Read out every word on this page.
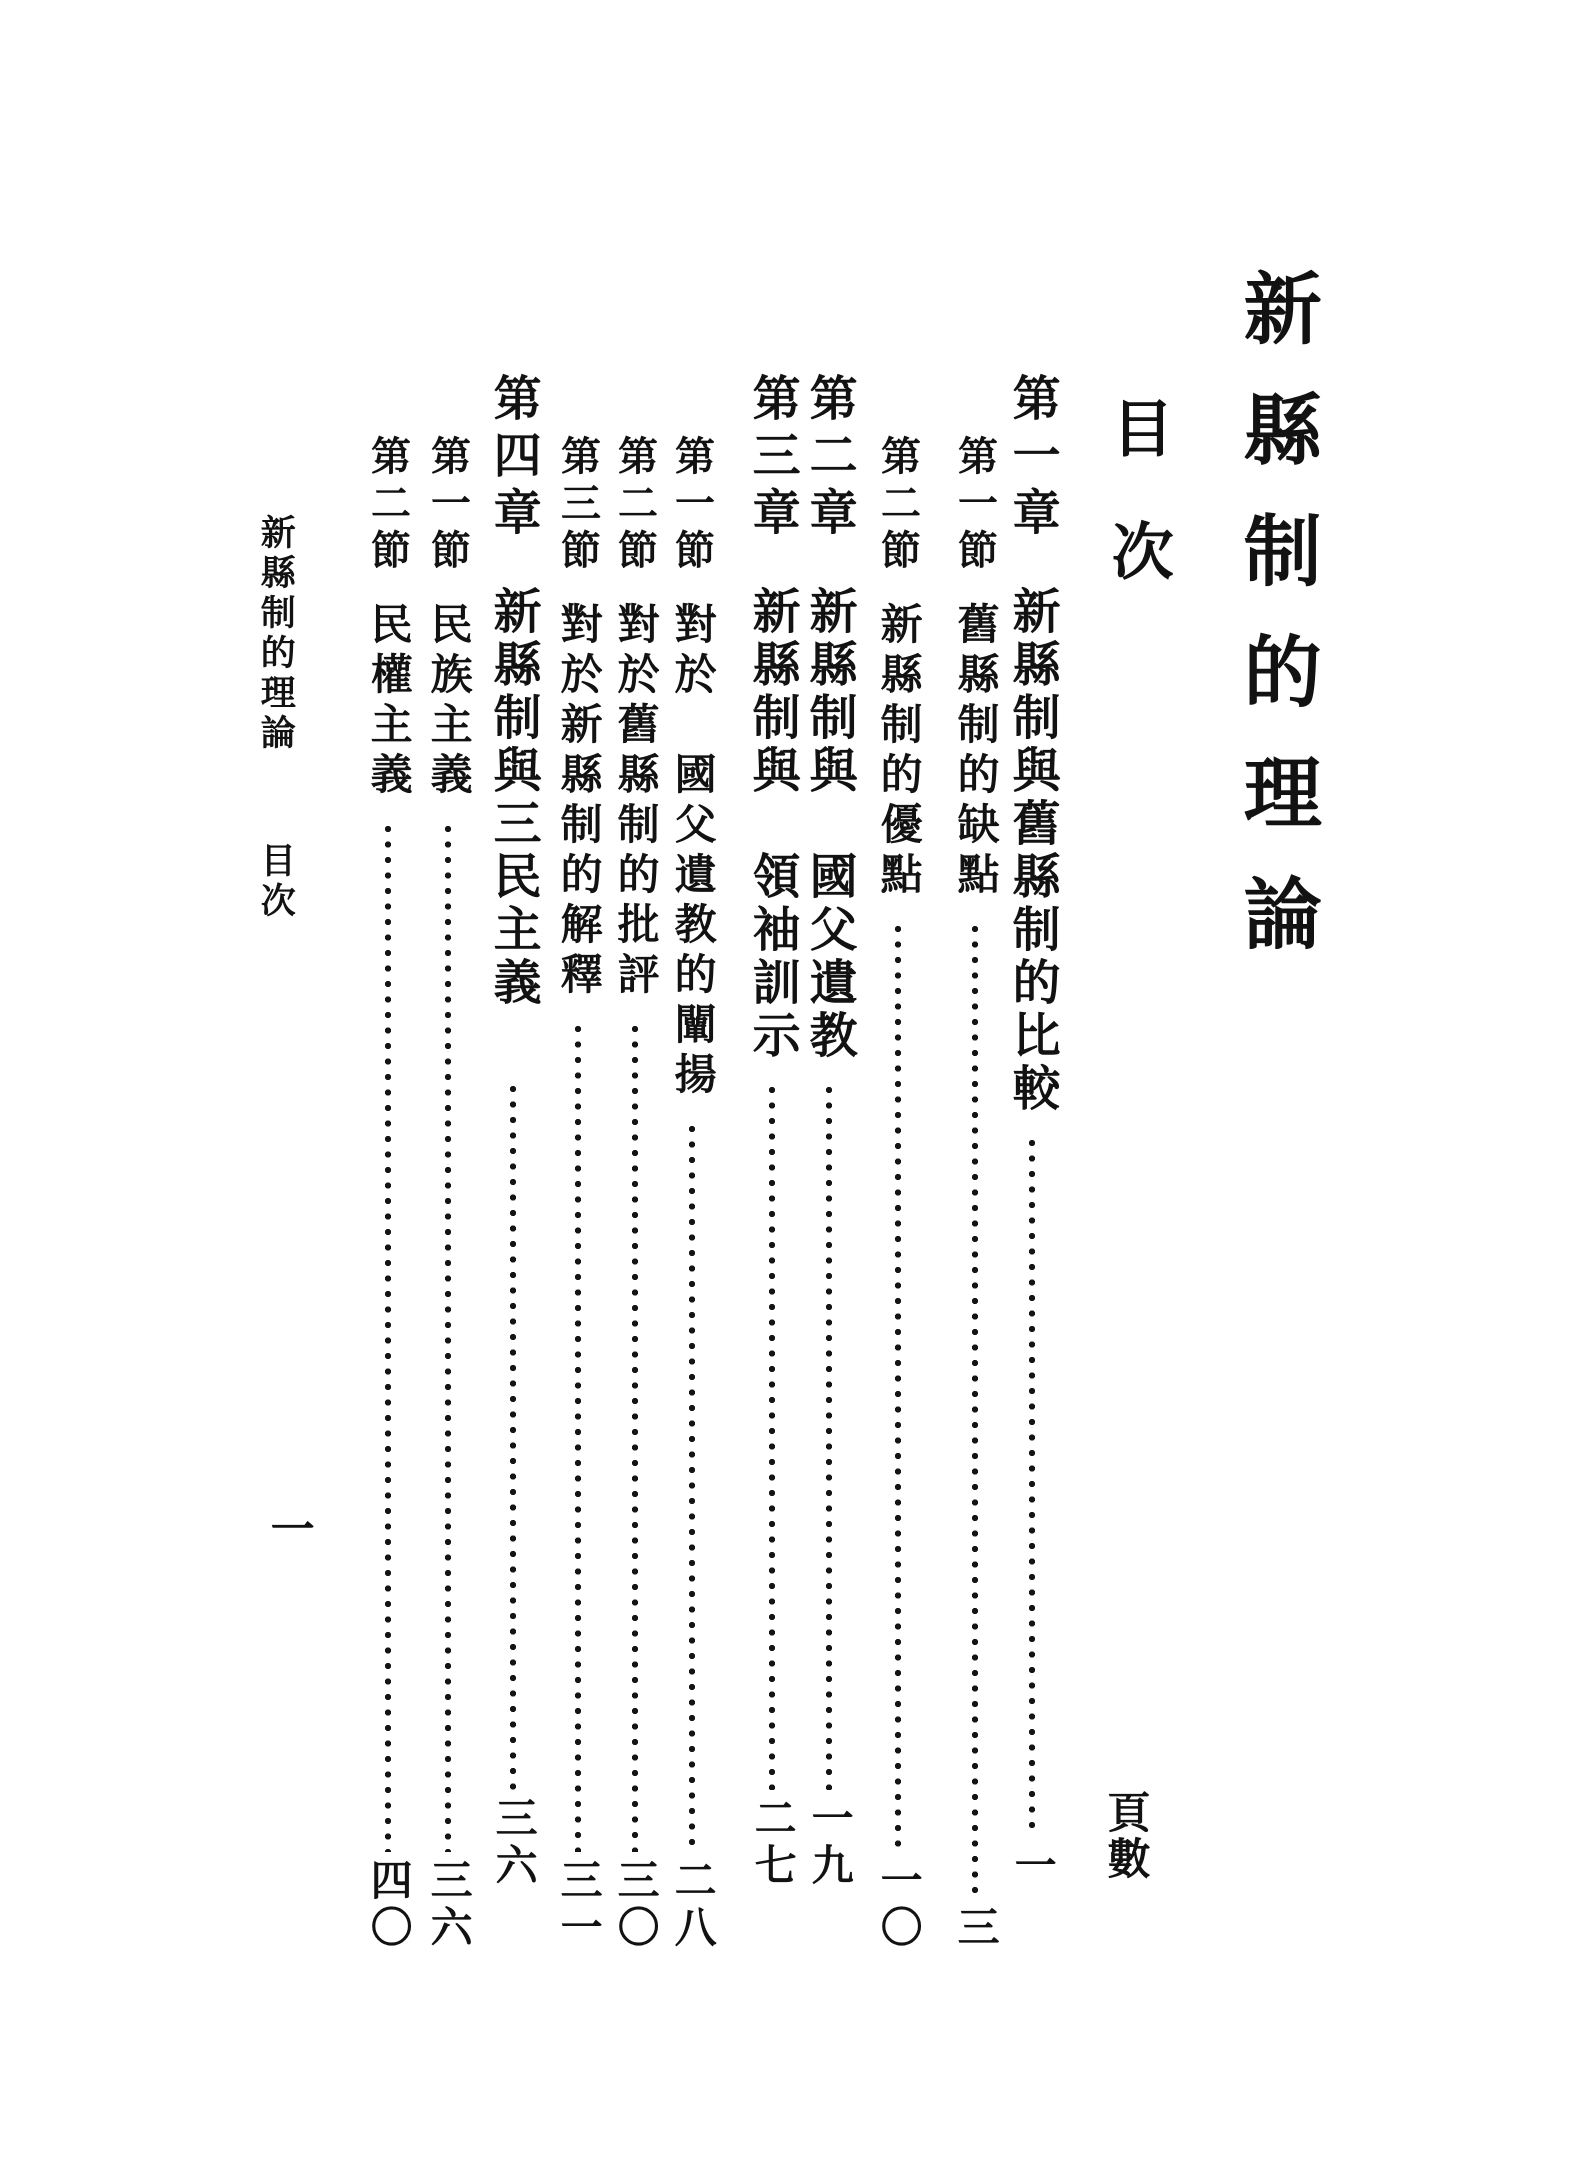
新縣制的理論
目次
頁數
第一章
新縣制與舊縣制的比較
一
第一節
舊縣制的缺點
三
第二節
新縣制的優點
一〇
第二章
新縣制與　國父遺教
一九
第三章
新縣制與　領袖訓示
二七
第一節
對於　國父遺教的闡揚
二八
第二節
對於舊縣制的批評
三〇
第三節
對於新縣制的解釋
三一
第四章
新縣制與三民主義
三六
第一節
民族主義
三六
第二節
民權主義
四〇
新縣制的理論目次
一
